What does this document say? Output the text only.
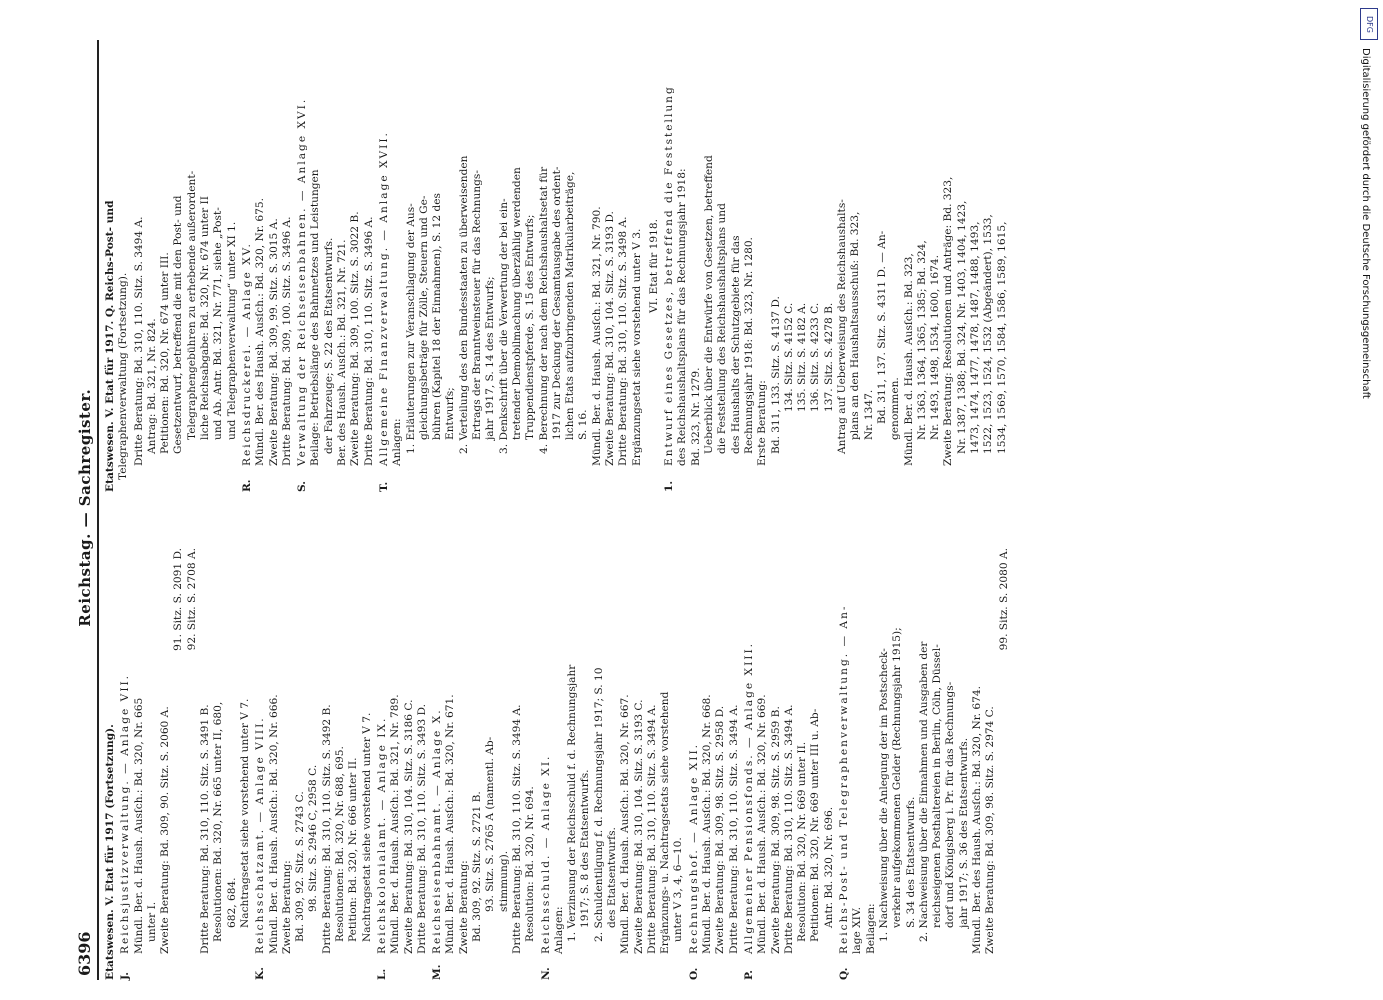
6396
Reichstag. — Sachregister.
Etatswesen. V. Etat für 1917 (Fortsetzung). J.
Reichsjustizverwaltung. — Anlage VII. Mündl. Ber. d. Haush. Ausſch.: Bd. 320, Nr. 665 unter I. Zweite Beratung: Bd. 309, 90. Sitz. S. 2060 A.
91. Sitz. S. 2091 D. 92. Sitz. S. 2708 A.
Dritte Beratung: Bd. 310, 110. Sitz. S. 3491 B. Resolutionen: Bd. 320, Nr. 665 unter II, 680, 682, 684. Nachtragsetat siehe vorstehend unter V 7.
K.
Reichsschatzamt. — Anlage VIII. Mündl. Ber. d. Haush. Ausſch.: Bd. 320, Nr. 666. Zweite Beratung: Bd. 309, 92. Sitz. S. 2743 C. 98. Sitz. S. 2946 C, 2958 C. Dritte Beratung: Bd. 310, 110. Sitz. S. 3492 B. Resolutionen: Bd. 320, Nr. 688, 695. Petition: Bd. 320, Nr. 666 unter II. Nachtragsetat siehe vorstehend unter V 7.
L.
Reichskolonialamt. — Anlage IX. Mündl. Ber. d. Haush. Ausſch.: Bd. 321, Nr. 789. Zweite Beratung: Bd. 310, 104. Sitz. S. 3186 C. Dritte Beratung: Bd. 310, 110. Sitz. S. 3493 D.
M.
Reichseisenbahnamt. — Anlage X. Mündl. Ber. d. Haush. Ausſch.: Bd. 320, Nr. 671. Zweite Beratung: Bd. 309, 92. Sitz. S. 2721 B. 93. Sitz. S. 2765 A (namentl. Ab- stimmung). Dritte Beratung: Bd. 310, 110. Sitz. S. 3494 A. Resolution: Bd. 320, Nr. 694.
N.
Reichsschuld. — Anlage XI. Anlagen: 1. Verzinsung der Reichsschuld f. d. Rechnungsjahr 1917; S. 8 des Etatsentwurfs. 2. Schuldentilgung f. d. Rechnungsjahr 1917; S. 10 des Etatsentwurfs. Mündl. Ber. d. Haush. Ausſch.: Bd. 320, Nr. 667. Zweite Beratung: Bd. 310, 104. Sitz. S. 3193 C. Dritte Beratung: Bd. 310, 110. Sitz. S. 3494 A. Ergänzungs- u. Nachtragsetats siehe vorstehend unter V 3, 4, 6—10.
O.
Rechnungshof. — Anlage XII. Mündl. Ber. d. Haush. Ausſch.: Bd. 320, Nr. 668. Zweite Beratung: Bd. 309, 98. Sitz. S. 2958 D. Dritte Beratung: Bd. 310, 110. Sitz. S. 3494 A.
P.
Allgemeiner Pensionsfonds. — Anlage XIII. Mündl. Ber. d. Haush. Ausſch.: Bd. 320, Nr. 669. Zweite Beratung: Bd. 309, 98. Sitz. S. 2959 B. Dritte Beratung: Bd. 310, 110. Sitz. S. 3494 A. Resolution: Bd. 320, Nr. 669 unter II. Petitionen: Bd. 320, Nr. 669 unter III u. Ab- Antr. Bd. 320, Nr. 696.
Q.
Reichs-Post- und Telegraphenverwaltung. — An- lage XIV. Beilagen: 1. Nachweisung über die Anlegung der im Postscheck- verkehr aufgekommenen Gelder (Rechnungsjahr 1915); S. 34 des Etatsentwurfs. 2. Nachweisung über die Einnahmen und Ausgaben der reichseigenen Posthaltereien in Berlin, Cöln, Düssel- dorf und Königsberg i. Pr. für das Rechnungs- jahr 1917; S. 36 des Etatsentwurfs. Mündl. Ber. des Haush. Ausſch.: Bd. 320, Nr. 674. Zweite Beratung: Bd. 309, 98. Sitz. S. 2974 C.
99. Sitz. S. 2080 A.
Etatswesen. V. Etat für 1917. Q. Reichs-Post- und Telegraphenverwaltung (Fortsetzung). Dritte Beratung: Bd. 310, 110. Sitz. S. 3494 A. Antrag: Bd. 321, Nr. 824. Petitionen: Bd. 320, Nr. 674 unter III. Gesetzentwurf, betreffend die mit den Post- und Telegraphengebühren zu erhebende außerordent- liche Reichsabgabe: Bd. 320, Nr. 674 unter II und Ab. Antr. Bd. 321, Nr. 771, siehe „Post- und Telegraphenverwaltung“ unter XI 1.
R.
Reichsdruckerei. — Anlage XV. Mündl. Ber. des Haush. Ausſch.: Bd. 320, Nr. 675. Zweite Beratung: Bd. 309, 99. Sitz. S. 3015 A. Dritte Beratung: Bd. 309, 100. Sitz. S. 3496 A.
S.
Verwaltung der Reichseisenbahnen. — Anlage XVI. Beilage: Betriebslänge des Bahnnetzes und Leistungen der Fahrzeuge; S. 22 des Etatsentwurfs. Ber. des Haush. Ausſch.: Bd. 321, Nr. 721. Zweite Beratung: Bd. 309, 100. Sitz. S. 3022 B. Dritte Beratung: Bd. 310, 110. Sitz. S. 3496 A.
T.
Allgemeine Finanzverwaltung. — Anlage XVII. Anlagen: 1. Erläuterungen zur Veranschlagung der Aus- gleichungsbeträge für Zölle, Steuern und Ge- bühren (Kapitel 18 der Einnahmen), S. 12 des Entwurfs; 2. Verteilung des den Bundesstaaten zu überweisenden Ertrags der Branntweinsteuer für das Rechnungs- jahr 1917, S. 14 des Entwurfs; 3. Denkschrift über die Verwertung der bei ein- tretender Demobilmachung überzählig werdenden Truppendienstpferde, S. 15 des Entwurfs; 4. Berechnung der nach dem Reichshaushaltsetat für 1917 zur Deckung der Gesamtausgabe des ordent- lichen Etats aufzubringenden Matrikularbeiträge, S. 16. Mündl. Ber. d. Haush. Ausſch.: Bd. 321, Nr. 790. Zweite Beratung: Bd. 310, 104. Sitz. S. 3193 D. Dritte Beratung: Bd. 310, 110. Sitz. S. 3498 A. Ergänzungsetat siehe vorstehend unter V 3. VI. Etat für 1918.
1.
Entwurf eines Gesetzes, betreffend die Feststellung des Reichshaushaltsplans für das Rechnungsjahr 1918: Bd. 323, Nr. 1279. Ueberblick über die Entwürfe von Gesetzen, betreffend die Feststellung des Reichshaushaltsplans und des Haushalts der Schutzgebiete für das Rechnungsjahr 1918: Bd. 323, Nr. 1280. Erste Beratung: Bd. 311, 133. Sitz. S. 4137 D. 134. Sitz. S. 4152 C. 135. Sitz. S. 4182 A. 136. Sitz. S. 4233 C. 137. Sitz. S. 4278 B. Antrag auf Ueberweisung des Reichshaushalts- plans an den Haushaltsausschuß: Bd. 323, Nr. 1347. Bd. 311, 137. Sitz. S. 4311 D. — An- genommen. Mündl. Ber. d. Haush. Ausſch.: Bd. 323, Nr. 1363, 1364, 1365, 1385; Bd. 324, Nr. 1493, 1498, 1534, 1600, 1674. Zweite Beratung: Resolutionen und Anträge: Bd. 323, Nr. 1387, 1388; Bd. 324, Nr. 1403, 1404, 1423, 1473, 1474, 1477, 1478, 1487, 1488, 1493, 1522, 1523, 1524, 1532 (Abgeändert), 1533, 1534, 1569, 1570, 1584, 1586, 1589, 1615,
DFG
Digitalisierung gefördert durch die Deutsche Forschungsgemeinschaft
